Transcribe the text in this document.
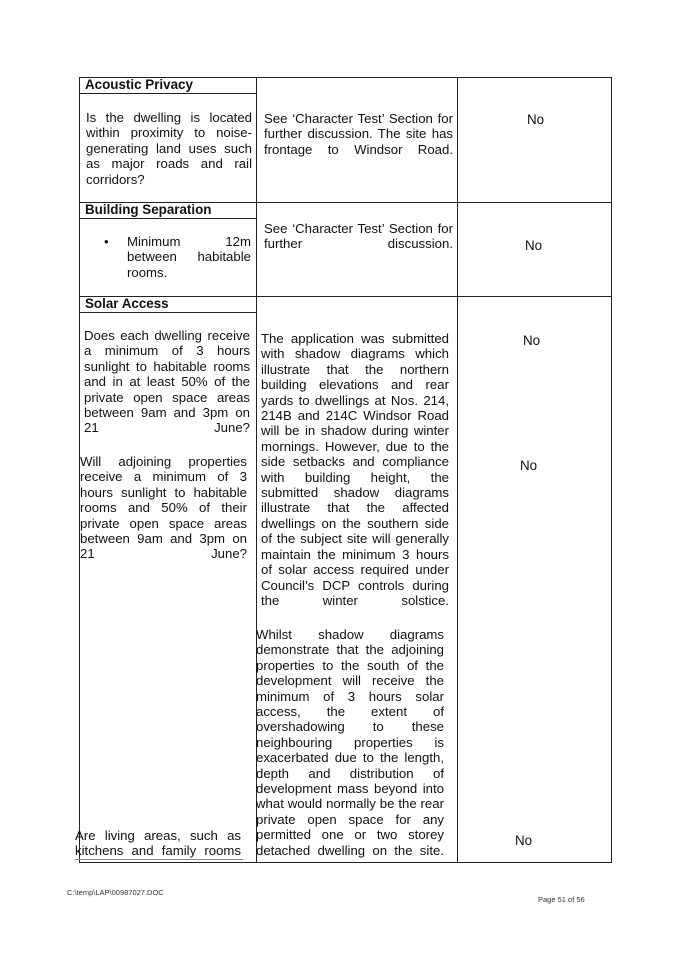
Acoustic Privacy

Is the dwelling is located within proximity to noise-generating land uses such as major roads and rail corridors?

See ‘Character Test’ Section for further discussion. The site has frontage to Windsor Road.

No
Building Separation
• Minimum 12m between habitable rooms.

See ‘Character Test’ Section for further discussion.	No
Solar Access

Does each dwelling receive a minimum of 3 hours sunlight to habitable rooms and in at least 50% of the private open space areas between 9am and 3pm on 21 June?

Will adjoining properties receive a minimum of 3 hours sunlight to habitable rooms and 50% of their private open space areas between 9am and 3pm on 21 June?

Are living areas, such as kitchens and family rooms

The application was submitted with shadow diagrams which illustrate that the northern building elevations and rear yards to dwellings at Nos. 214, 214B and 214C Windsor Road will be in shadow during winter mornings. However, due to the side setbacks and compliance with building height, the submitted shadow diagrams illustrate that the affected dwellings on the southern side of the subject site will generally maintain the minimum 3 hours of solar access required under Council’s DCP controls during the winter solstice.

Whilst shadow diagrams demonstrate that the adjoining properties to the south of the development will receive the minimum of 3 hours solar access, the extent of overshadowing to these neighbouring properties is exacerbated due to the length, depth and distribution of development mass beyond into what would normally be the rear private open space for any permitted one or two storey detached dwelling on the site.

No
No
No
C:\temp\LAP\00987027.DOC
Page 51 of 56
